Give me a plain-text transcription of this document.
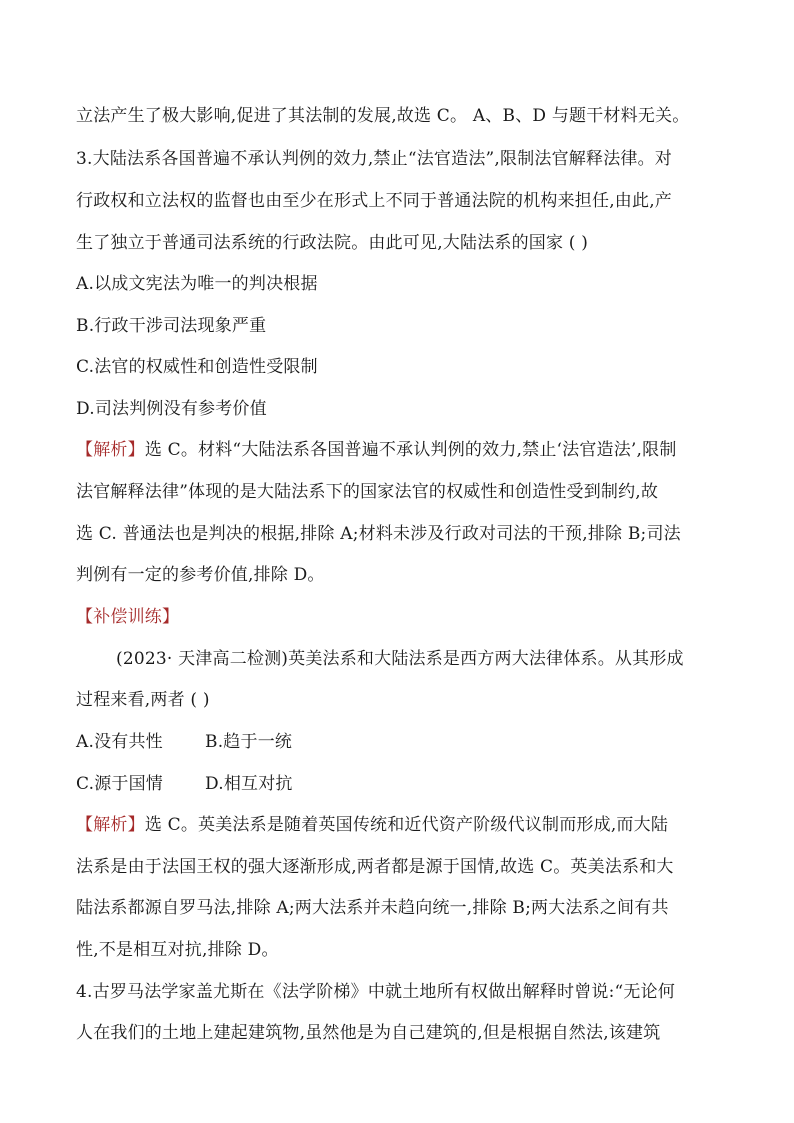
立法产生了极大影响,促进了其法制的发展,故选 C。 A、B、D 与题干材料无关。
3.大陆法系各国普遍不承认判例的效力,禁止“法官造法”,限制法官解释法律。对
行政权和立法权的监督也由至少在形式上不同于普通法院的机构来担任,由此,产
生了独立于普通司法系统的行政法院。由此可见,大陆法系的国家 ( )
A.以成文宪法为唯一的判决根据
B.行政干涉司法现象严重
C.法官的权威性和创造性受限制
D.司法判例没有参考价值
【解析】选 C。材料“大陆法系各国普遍不承认判例的效力,禁止‘法官造法’,限制
法官解释法律”体现的是大陆法系下的国家法官的权威性和创造性受到制约,故
选 C. 普通法也是判决的根据,排除 A;材料未涉及行政对司法的干预,排除 B;司法
判例有一定的参考价值,排除 D。
【补偿训练】
(2023· 天津高二检测)英美法系和大陆法系是西方两大法律体系。从其形成
过程来看,两者 ( )
A.没有共性 B.趋于一统
C.源于国情 D.相互对抗
【解析】选 C。英美法系是随着英国传统和近代资产阶级代议制而形成,而大陆
法系是由于法国王权的强大逐渐形成,两者都是源于国情,故选 C。英美法系和大
陆法系都源自罗马法,排除 A;两大法系并未趋向统一,排除 B;两大法系之间有共
性,不是相互对抗,排除 D。
4.古罗马法学家盖尤斯在《法学阶梯》中就土地所有权做出解释时曾说:“无论何
人在我们的土地上建起建筑物,虽然他是为自己建筑的,但是根据自然法,该建筑
